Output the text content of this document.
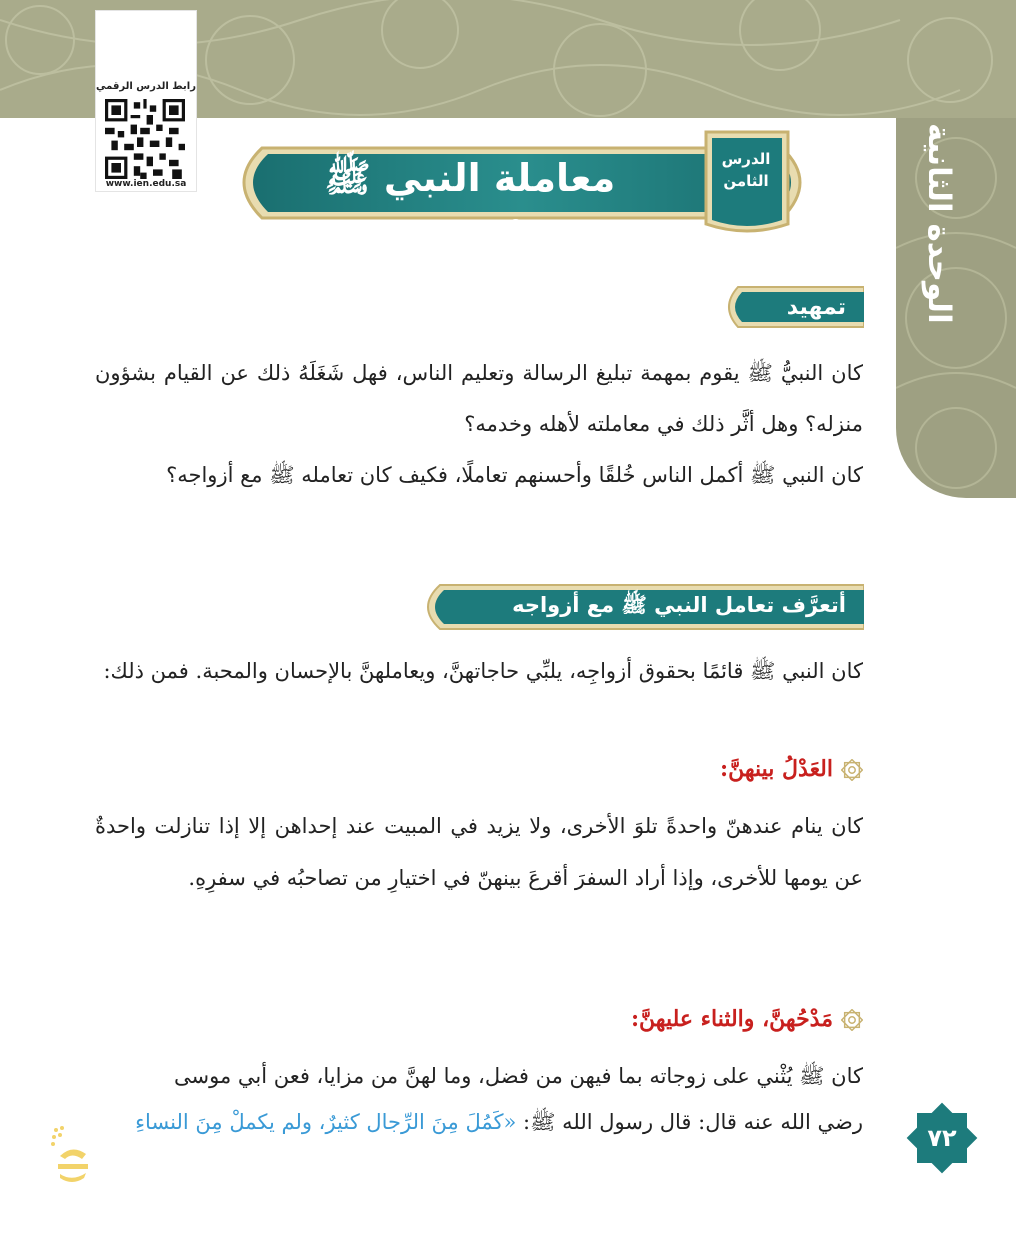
الوحدة الثانية
رابط الدرس الرقمي
www.ien.edu.sa	معاملة النبي ﷺ لأزواجه
الدرس
الثامن
تمهيد
كان النبيُّ ﷺ يقوم بمهمة تبليغ الرسالة وتعليم الناس، فهل شَغَلَهُ ذلك عن القيام بشؤون منزله؟ وهل أثَّر ذلك في معاملته لأهله وخدمه؟
كان النبي ﷺ أكمل الناس خُلقًا وأحسنهم تعاملًا، فكيف كان تعامله ﷺ مع أزواجه؟
أتعرَّف تعامل النبي ﷺ مع أزواجه
كان النبي ﷺ قائمًا بحقوق أزواجِه، يلبِّي حاجاتهنَّ، ويعاملهنَّ بالإحسان والمحبة. فمن ذلك:
العَدْلُ بينهنَّ:
كان ينام عندهنّ واحدةً تلوَ الأخرى، ولا يزيد في المبيت عند إحداهن إلا إذا تنازلت واحدةٌ عن يومها للأخرى، وإذا أراد السفرَ أقرعَ بينهنّ في اختيارِ من تصاحبُه في سفرِهِ.
مَدْحُهنَّ، والثناء عليهنَّ:
كان ﷺ يُثْني على زوجاته بما فيهن من فضل، وما لهنَّ من مزايا، فعن أبي موسى
رضي الله عنه قال: قال رسول الله ﷺ: «كَمُلَ مِنَ الرِّجال كثيرٌ، ولم يكملْ مِنَ النساءِ
٧٢
